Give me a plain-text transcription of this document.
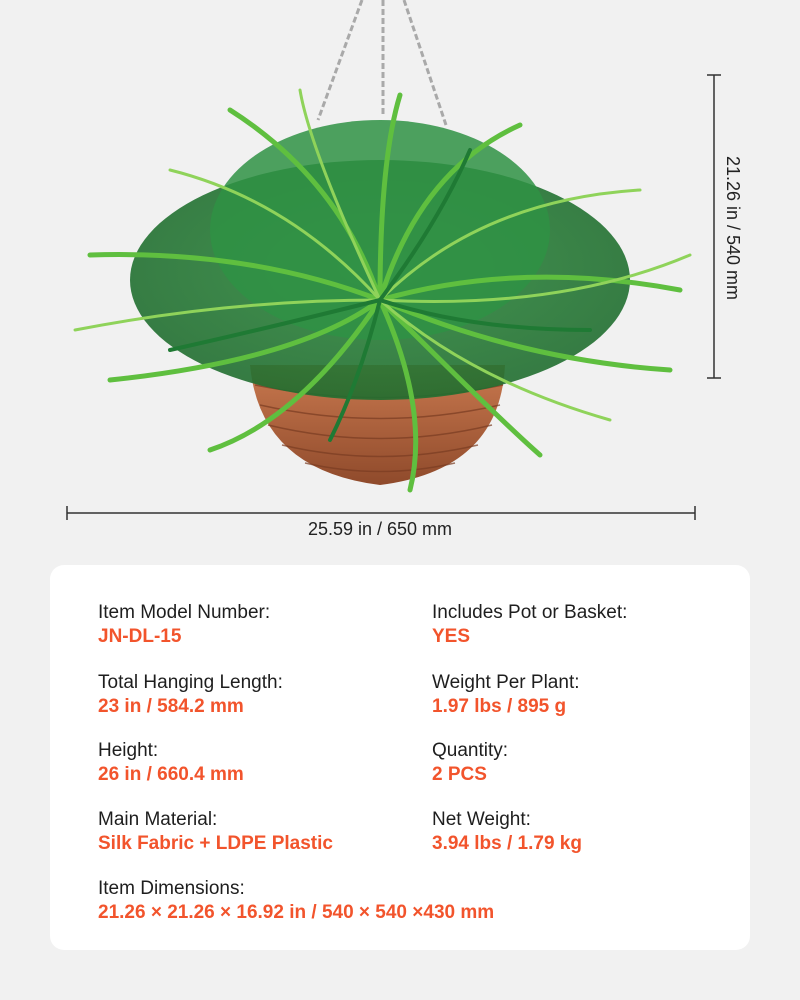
25.59 in / 650 mm
21.26 in / 540 mm
Item Model Number:
JN-DL-15
Includes Pot or Basket:
YES
Total Hanging Length:
23 in / 584.2 mm
Weight Per Plant:
1.97 lbs / 895 g
Height:
26 in / 660.4 mm
Quantity:
2 PCS
Main Material:
Silk Fabric + LDPE Plastic
Net Weight:
3.94 lbs / 1.79 kg
Item Dimensions:
21.26 × 21.26 × 16.92 in / 540 × 540 ×430 mm
